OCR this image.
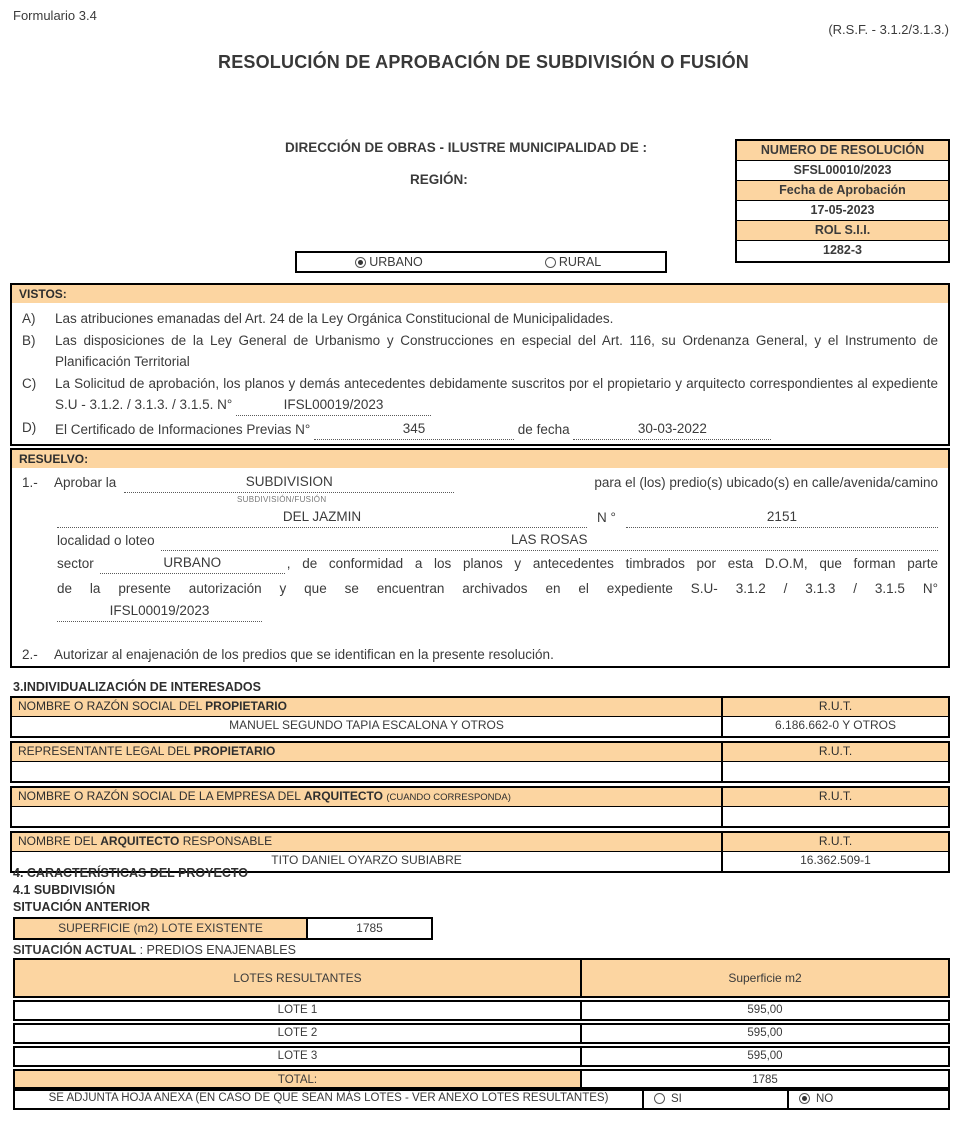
Formulario 3.4
(R.S.F. - 3.1.2/3.1.3.)
RESOLUCIÓN DE APROBACIÓN DE SUBDIVISIÓN O FUSIÓN
DIRECCIÓN DE OBRAS - ILUSTRE MUNICIPALIDAD DE :
REGIÓN:
NUMERO DE RESOLUCIÓN
SFSL00010/2023
Fecha de Aprobación
17-05-2023
ROL S.I.I.
1282-3
URBANO	RURAL
VISTOS:
A) Las atribuciones emanadas del Art. 24 de la Ley Orgánica Constitucional de Municipalidades.
B) Las disposiciones de la Ley General de Urbanismo y Construcciones en especial del Art. 116, su Ordenanza General, y el Instrumento de Planificación Territorial
C) La Solicitud de aprobación, los planos y demás antecedentes debidamente suscritos por el propietario y arquitecto correspondientes al expediente S.U - 3.1.2. / 3.1.3. / 3.1.5. N°	IFSL00019/2023
D) El Certificado de Informaciones Previas N°	345	de fecha	30-03-2022
RESUELVO:
1.-	Aprobar la	SUBDIVISION	para el (los) predio(s) ubicado(s) en calle/avenida/camino
SUBDIVISIÓN/FUSIÓN
DEL JAZMIN	N °	2151
localidad o loteo	LAS ROSAS
sector	URBANO	, de conformidad a los planos y antecedentes timbrados por esta D.O.M, que forman parte
de la presente autorización y que se encuentran archivados en el expediente S.U- 3.1.2 / 3.1.3 / 3.1.5 N°
IFSL00019/2023
2.-	Autorizar al enajenación de los predios que se identifican en la presente resolución.
3.INDIVIDUALIZACIÓN DE INTERESADOS
NOMBRE O RAZÓN SOCIAL DEL PROPIETARIO	R.U.T.
MANUEL SEGUNDO TAPIA ESCALONA Y OTROS	6.186.662-0 Y OTROS
REPRESENTANTE LEGAL DEL PROPIETARIO	R.U.T.
NOMBRE O RAZÓN SOCIAL DE LA EMPRESA DEL ARQUITECTO (CUANDO CORRESPONDA)	R.U.T.
NOMBRE DEL ARQUITECTO RESPONSABLE	R.U.T.
TITO DANIEL OYARZO SUBIABRE	16.362.509-1
4. CARACTERÍSTICAS DEL PROYECTO
4.1 SUBDIVISIÓN
SITUACIÓN ANTERIOR
SUPERFICIE (m2) LOTE EXISTENTE	1785
SITUACIÓN ACTUAL : PREDIOS ENAJENABLES
LOTES RESULTANTES	Superficie m2
LOTE 1	595,00
LOTE 2	595,00
LOTE 3	595,00
TOTAL:	1785
SE ADJUNTA HOJA ANEXA (EN CASO DE QUE SEAN MÁS LOTES - VER ANEXO LOTES RESULTANTES)	SI	NO
